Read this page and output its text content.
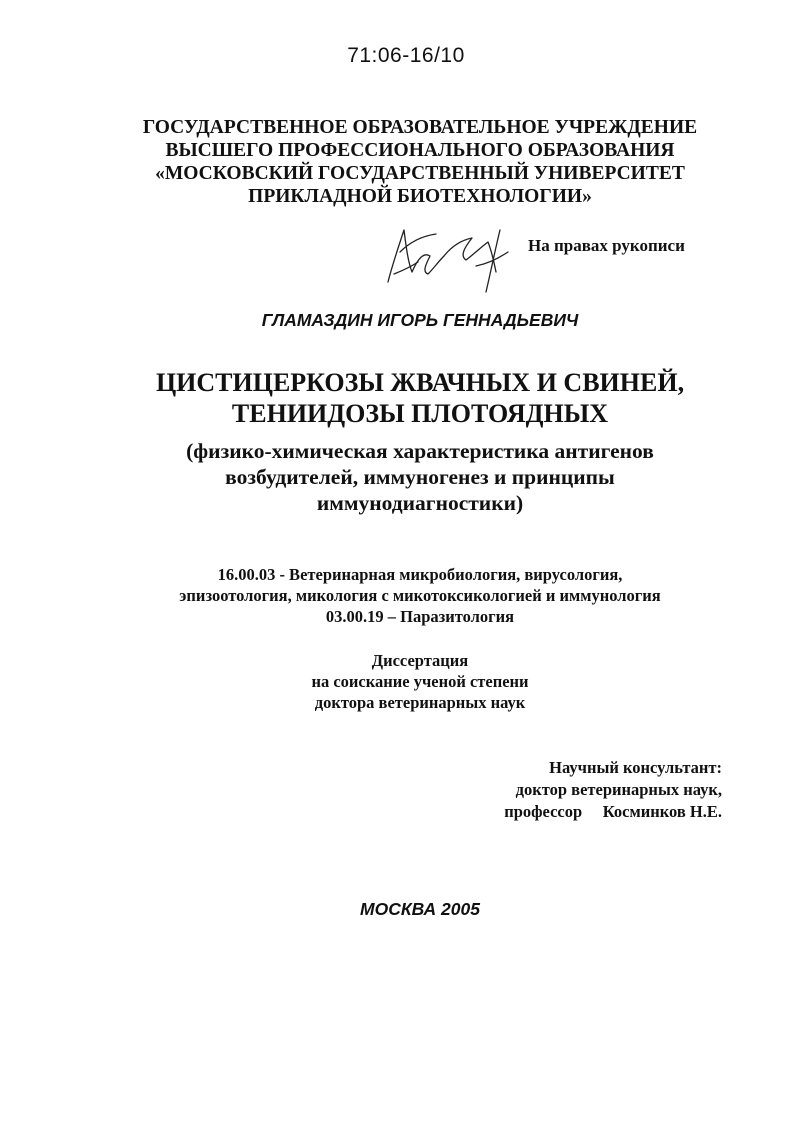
71:06-16/10
ГОСУДАРСТВЕННОЕ ОБРАЗОВАТЕЛЬНОЕ УЧРЕЖДЕНИЕ
ВЫСШЕГО ПРОФЕССИОНАЛЬНОГО ОБРАЗОВАНИЯ
«МОСКОВСКИЙ ГОСУДАРСТВЕННЫЙ УНИВЕРСИТЕТ
ПРИКЛАДНОЙ БИОТЕХНОЛОГИИ»
На правах рукописи
ГЛАМАЗДИН ИГОРЬ ГЕННАДЬЕВИЧ
ЦИСТИЦЕРКОЗЫ ЖВАЧНЫХ И СВИНЕЙ,
ТЕНИИДОЗЫ ПЛОТОЯДНЫХ
(физико-химическая характеристика антигенов
возбудителей, иммуногенез и принципы
иммунодиагностики)
16.00.03 - Ветеринарная микробиология, вирусология,
эпизоотология, микология с микотоксикологией и иммунология
03.00.19 – Паразитология
Диссертация
на соискание ученой степени
доктора ветеринарных наук
Научный консультант:
доктор ветеринарных наук,
профессор     Косминков Н.Е.
МОСКВА 2005
